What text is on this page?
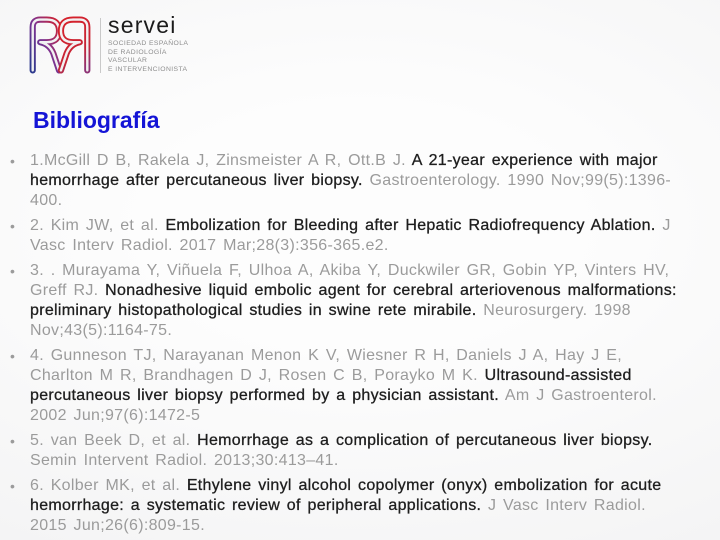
servei
SOCIEDAD ESPAÑOLA
DE RADIOLOGÍA
VASCULAR
E INTERVENCIONISTA
Bibliografía
• 1.McGill D B, Rakela J, Zinsmeister A R, Ott.B J. A 21-year experience with major hemorrhage after percutaneous liver biopsy. Gastroenterology. 1990 Nov;99(5):1396-400.
• 2. Kim JW, et al. Embolization for Bleeding after Hepatic Radiofrequency Ablation. J Vasc Interv Radiol. 2017 Mar;28(3):356-365.e2.
• 3. . Murayama Y, Viñuela F, Ulhoa A, Akiba Y, Duckwiler GR, Gobin YP, Vinters HV, Greff RJ. Nonadhesive liquid embolic agent for cerebral arteriovenous malformations: preliminary histopathological studies in swine rete mirabile. Neurosurgery. 1998 Nov;43(5):1164-75.
• 4. Gunneson TJ, Narayanan Menon K V, Wiesner R H, Daniels J A, Hay J E, Charlton M R, Brandhagen D J, Rosen C B, Porayko M K. Ultrasound-assisted percutaneous liver biopsy performed by a physician assistant. Am J Gastroenterol. 2002 Jun;97(6):1472-5
• 5. van Beek D, et al. Hemorrhage as a complication of percutaneous liver biopsy. Semin Intervent Radiol. 2013;30:413–41.
• 6. Kolber MK, et al. Ethylene vinyl alcohol copolymer (onyx) embolization for acute hemorrhage: a systematic review of peripheral applications. J Vasc Interv Radiol. 2015 Jun;26(6):809-15.
